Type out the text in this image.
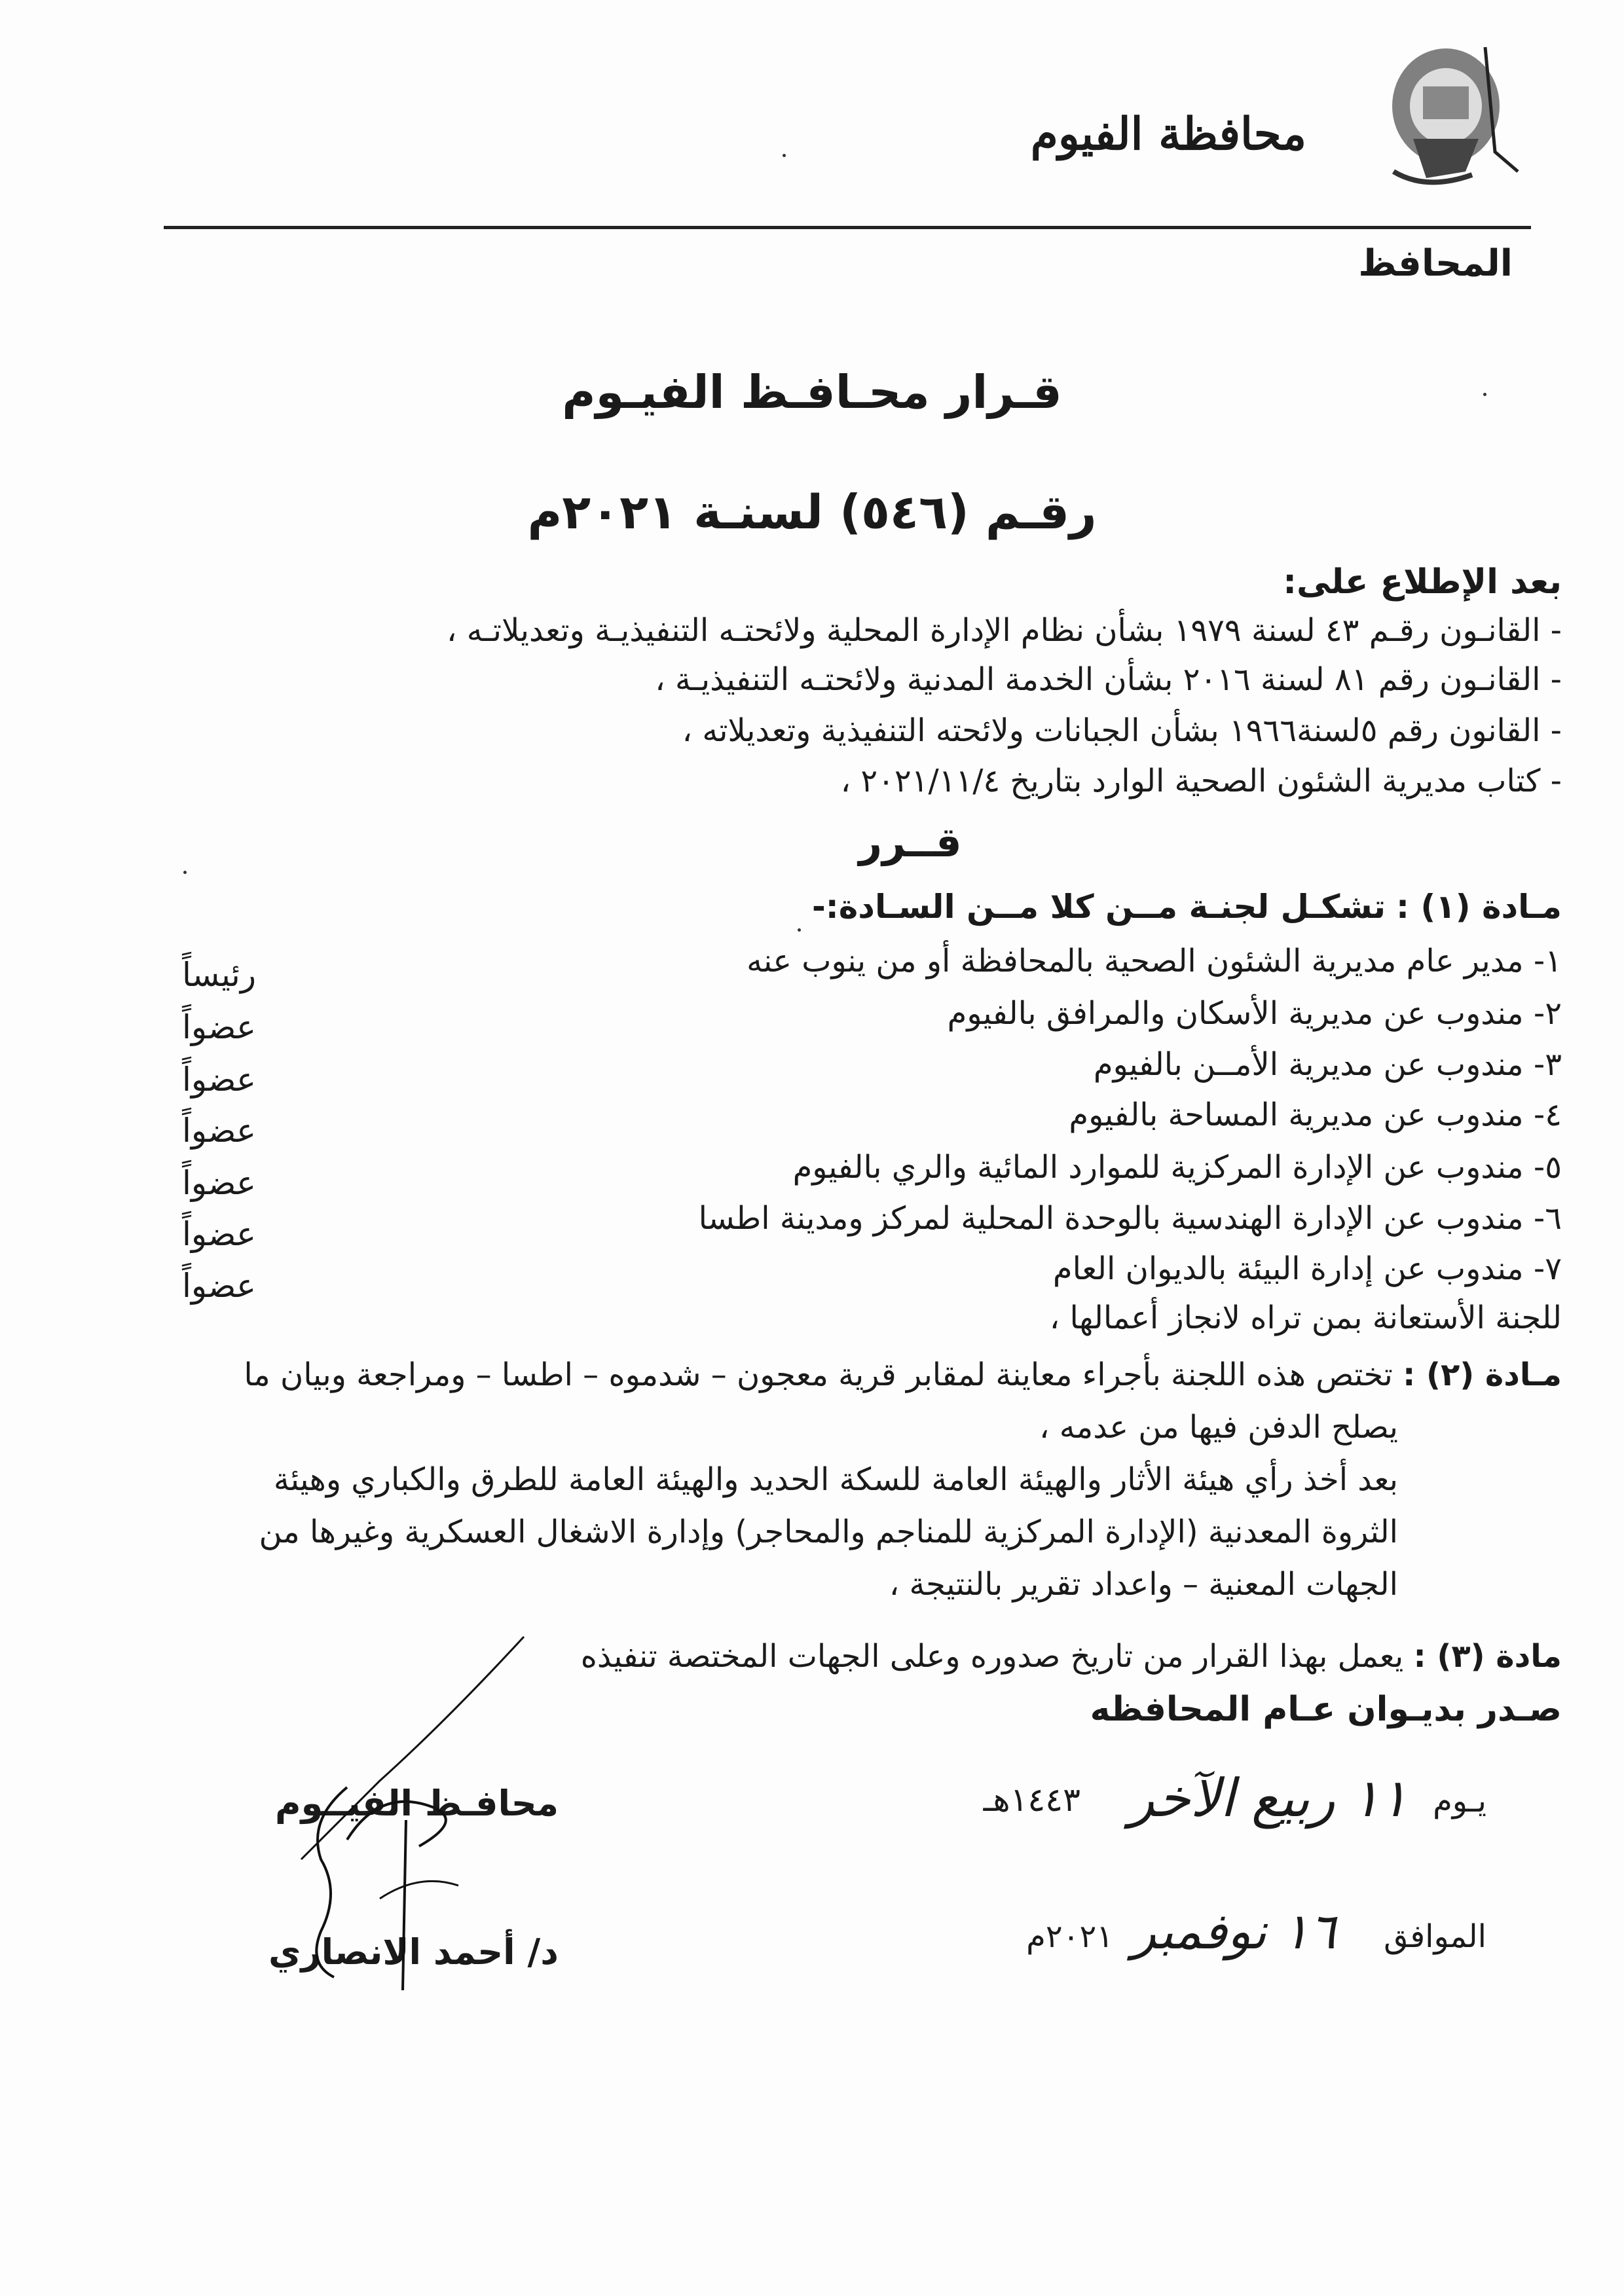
محافظة الفيوم
المحافظ
قـرار محـافـظ الفيـوم
رقـم (٥٤٦) لسنـة ٢٠٢١م
بعد الإطلاع على:
- القانـون رقـم ٤٣ لسنة ١٩٧٩ بشأن نظام الإدارة المحلية ولائحتـه التنفيذيـة وتعديلاتـه ،
- القانـون رقم ٨١ لسنة ٢٠١٦ بشأن الخدمة المدنية ولائحتـه التنفيذيـة ،
- القانون رقم ٥لسنة١٩٦٦ بشأن الجبانات ولائحته التنفيذية وتعديلاته ،
- كتاب مديرية الشئون الصحية الوارد بتاريخ ٢٠٢١/١١/٤ ،
قــرر
مـادة (١) : تشكـل لجنـة مــن كلا مــن السـادة:-
١- مدير عام مديرية الشئون الصحية بالمحافظة أو من ينوب عنه
رئيساً
٢- مندوب عن مديرية الأسكان والمرافق بالفيوم
عضواً
٣- مندوب عن مديرية الأمــن بالفيوم
عضواً
٤- مندوب عن مديرية المساحة بالفيوم
عضواً
٥- مندوب عن الإدارة المركزية للموارد المائية والري بالفيوم
عضواً
٦- مندوب عن الإدارة الهندسية بالوحدة المحلية لمركز ومدينة اطسا
عضواً
٧- مندوب عن إدارة البيئة بالديوان العام
عضواً
للجنة الأستعانة بمن تراه لانجاز أعمالها ،
مـادة (٢) : تختص هذه اللجنة بأجراء معاينة لمقابر قرية معجون – شدموه – اطسا – ومراجعة وبيان ما
يصلح الدفن فيها من عدمه ،
بعد أخذ رأي هيئة الأثار والهيئة العامة للسكة الحديد والهيئة العامة للطرق والكباري وهيئة
الثروة المعدنية (الإدارة المركزية للمناجم والمحاجر) وإدارة الاشغال العسكرية وغيرها من
الجهات المعنية – واعداد تقرير بالنتيجة ،
مادة (٣) : يعمل بهذا القرار من تاريخ صدوره وعلى الجهات المختصة تنفيذه
صـدر بديـوان عـام المحافظه
يـوم
١١ ربيع الآخر
١٤٤٣هـ
الموافق
١٦ نوفمبر
٢٠٢١م
محافـظ الفيــوم
د/ أحمد الانصاري
